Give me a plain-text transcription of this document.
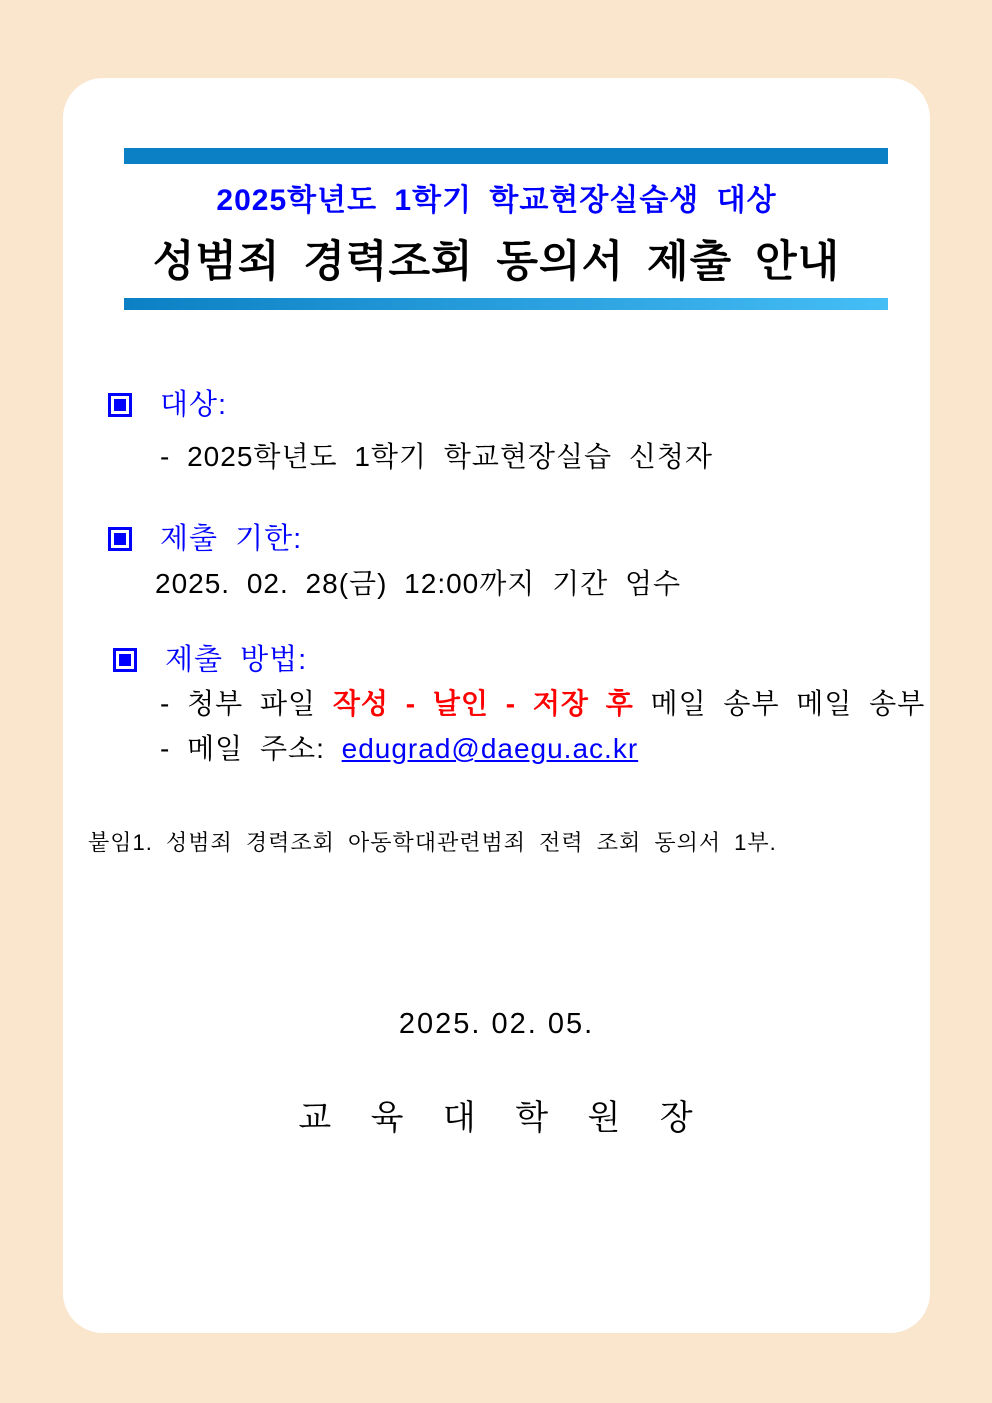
2025학년도 1학기 학교현장실습생 대상
성범죄 경력조회 동의서 제출 안내
대상:
- 2025학년도 1학기 학교현장실습 신청자
제출 기한:
2025. 02. 28(금) 12:00까지 기간 엄수
제출 방법:
- 청부 파일 작성 - 날인 - 저장 후 메일 송부 메일 송부
- 메일 주소: edugrad@daegu.ac.kr
붙임1. 성범죄 경력조회 아동학대관련범죄 전력 조회 동의서 1부.
2025. 02. 05.
교 육 대 학 원 장
